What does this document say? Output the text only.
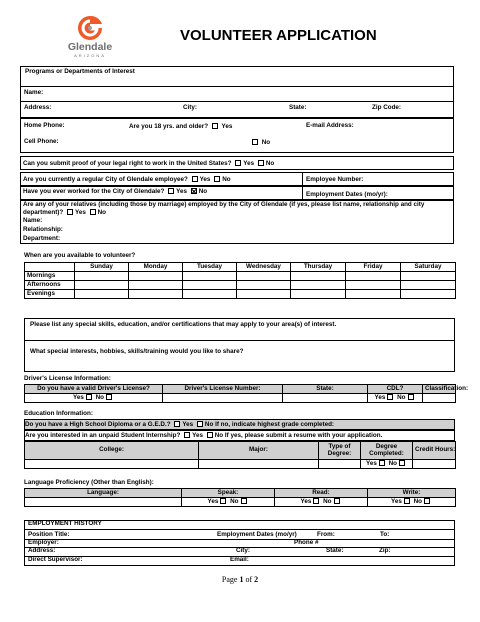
Glendale
ARIZONA
VOLUNTEER APPLICATION
Programs or Departments of Interest
Name:
Address:	City:	State:	Zip Code:
Home Phone:
Cell Phone:
Are you 18 yrs. and older? Yes
No
E-mail Address:
Can you submit proof of your legal right to work in the United States? Yes No
Are you currently a regular City of Glendale employee? Yes No	Employee Number:
Have you ever worked for the City of Glendale? Yes No	Employment Dates (mo/yr):
Are any of your relatives (including those by marriage) employed by the City of Glendale (if yes, please list name, relationship and city department)? Yes No
Name:
Relationship:
Department:
When are you available to volunteer?
	Sunday	Monday	Tuesday	Wednesday	Thursday	Friday	Saturday
Mornings							
Afternoons							
Evenings							
Please list any special skills, education, and/or certifications that may apply to your area(s) of interest.
What special interests, hobbies, skills/training would you like to share?
Driver's License Information:
Do you have a valid Driver's License?	Driver's License Number:	State:	CDL?	Classification:
Yes No			Yes No	
Education Information:
Do you have a High School Diploma or a G.E.D.? Yes No If no, indicate highest grade completed:
Are you interested in an unpaid Student Internship? Yes No If yes, please submit a resume with your application.
College:	Major:	Type of Degree:	Degree Completed:	Credit Hours:
			Yes No	
Language Proficiency (Other than English):
Language:	Speak:	Read:	Write:
	Yes No	Yes No	Yes No
EMPLOYMENT HISTORY
Position Title:	Employment Dates (mo/yr)	From:	To:
Employer:	Phone #
Address:	City:	State:	Zip:
Direct Supervisor:	Email:
Page 1 of 2
